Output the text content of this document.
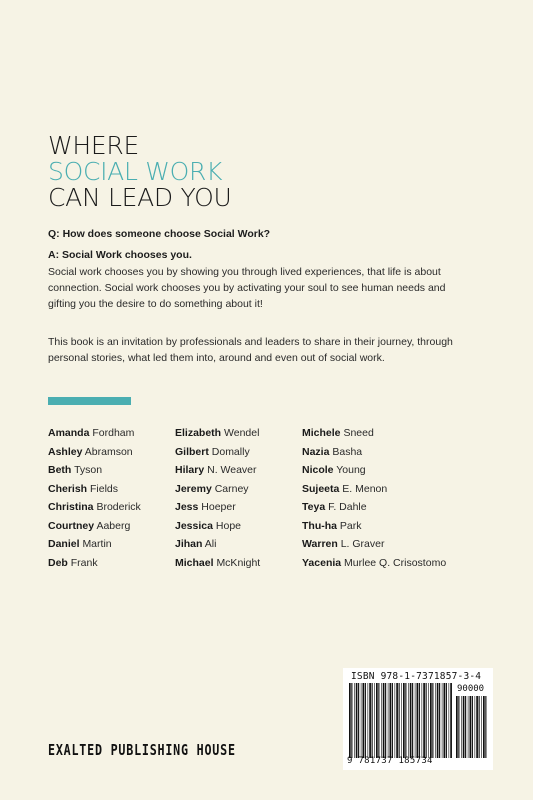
WHERE
SOCIAL WORK
CAN LEAD YOU
Q: How does someone choose Social Work?
A: Social Work chooses you.
Social work chooses you by showing you through lived experiences, that life is about connection. Social work chooses you by activating your soul to see human needs and gifting you the desire to do something about it!
This book is an invitation by professionals and leaders to share in their journey, through personal stories, what led them into, around and even out of social work.
Amanda Fordham
Ashley Abramson
Beth Tyson
Cherish Fields
Christina Broderick
Courtney Aaberg
Daniel Martin
Deb Frank
Elizabeth Wendel
Gilbert Domally
Hilary N. Weaver
Jeremy Carney
Jess Hoeper
Jessica Hope
Jihan Ali
Michael McKnight
Michele Sneed
Nazia Basha
Nicole Young
Sujeeta E. Menon
Teya F. Dahle
Thu-ha Park
Warren L. Graver
Yacenia Murlee Q. Crisostomo
EXALTED PUBLISHING HOUSE
ISBN 978-1-7371857-3-4
90000
9 781737 185734
